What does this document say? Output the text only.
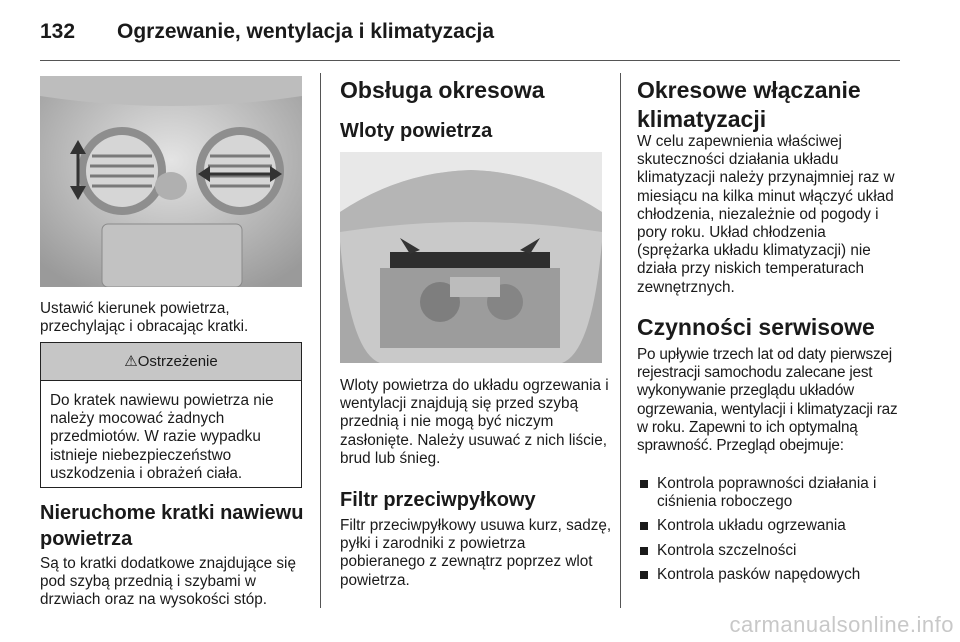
132 Ogrzewanie, wentylacja i klimatyzacja

Ustawić kierunek powietrza, przechylając i obracając kratki.

⚠Ostrzeżenie

Do kratek nawiewu powietrza nie należy mocować żadnych przedmiotów. W razie wypadku istnieje niebezpieczeństwo uszkodzenia i obrażeń ciała.

Nieruchome kratki nawiewu powietrza

Są to kratki dodatkowe znajdujące się pod szybą przednią i szybami w drzwiach oraz na wysokości stóp.

Obsługa okresowa

Wloty powietrza

Wloty powietrza do układu ogrzewania i wentylacji znajdują się przed szybą przednią i nie mogą być niczym zasłonięte. Należy usuwać z nich liście, brud lub śnieg.

Filtr przeciwpyłkowy

Filtr przeciwpyłkowy usuwa kurz, sadzę, pyłki i zarodniki z powietrza pobieranego z zewnątrz poprzez wlot powietrza.

Okresowe włączanie klimatyzacji

W celu zapewnienia właściwej skuteczności działania układu klimatyzacji należy przynajmniej raz w miesiącu na kilka minut włączyć układ chłodzenia, niezależnie od pogody i pory roku. Układ chłodzenia (sprężarka układu klimatyzacji) nie działa przy niskich temperaturach zewnętrznych.

Czynności serwisowe

Po upływie trzech lat od daty pierwszej rejestracji samochodu zalecane jest wykonywanie przeglądu układów ogrzewania, wentylacji i klimatyzacji raz w roku. Zapewni to ich optymalną sprawność. Przegląd obejmuje:

Kontrola poprawności działania i ciśnienia roboczego
Kontrola układu ogrzewania
Kontrola szczelności
Kontrola pasków napędowych
carmanualsonline.info
